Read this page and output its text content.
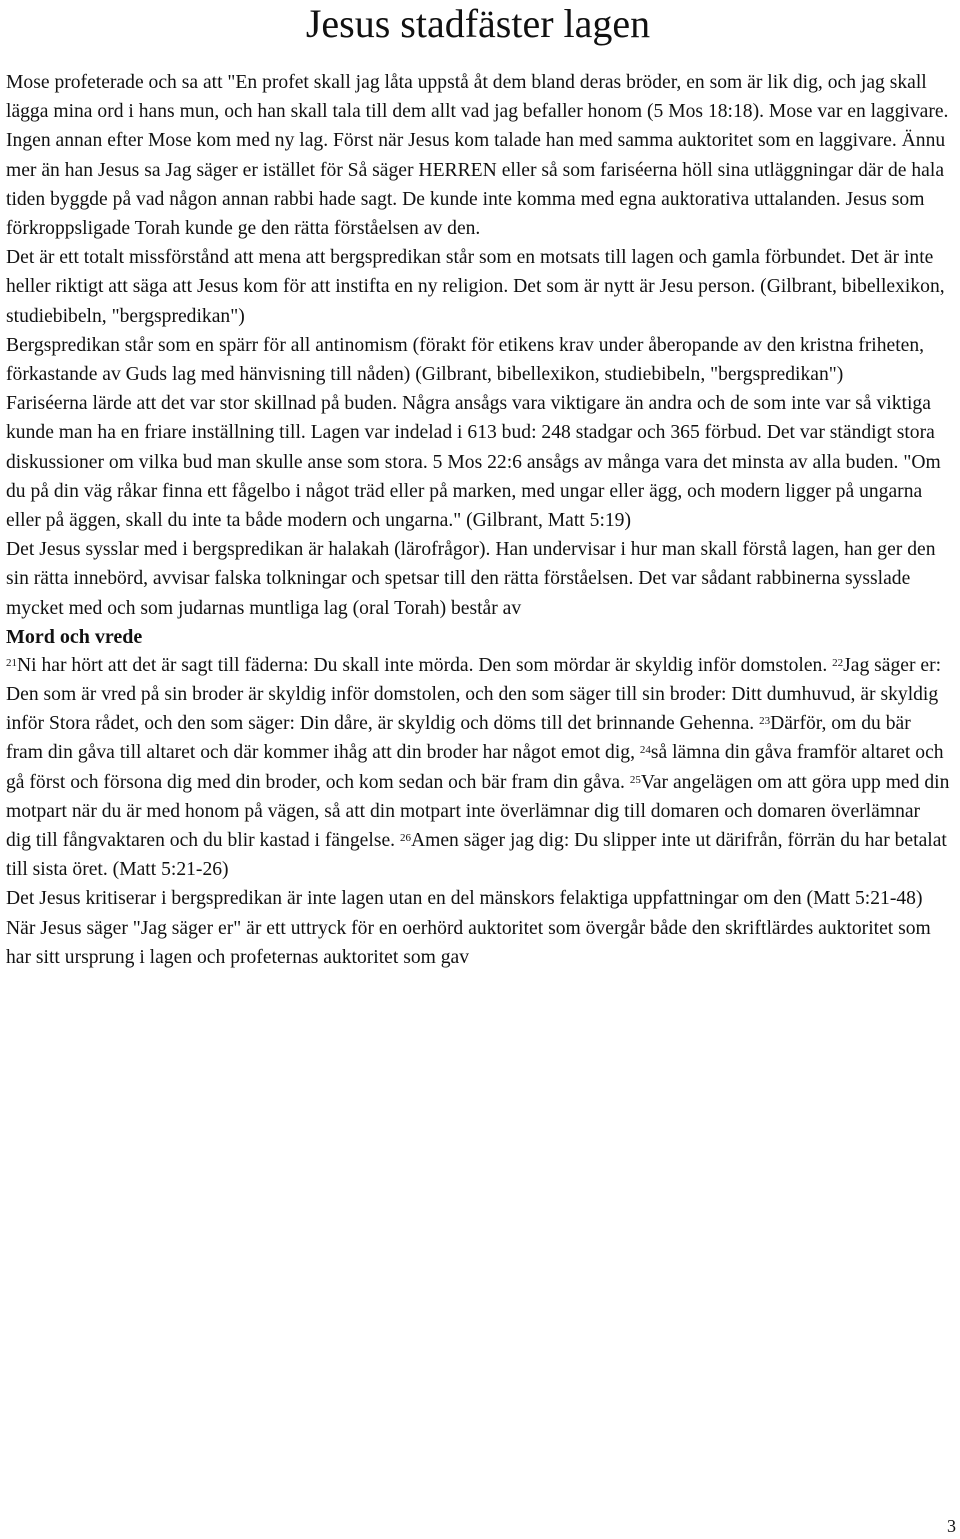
Jesus stadfäster lagen

Mose profeterade och sa att "En profet skall jag låta uppstå åt dem bland deras bröder, en som är lik dig, och jag skall lägga mina ord i hans mun, och han skall tala till dem allt vad jag befaller honom (5 Mos 18:18). Mose var en laggivare. Ingen annan efter Mose kom med ny lag. Först när Jesus kom talade han med samma auktoritet som en laggivare. Ännu mer än han Jesus sa Jag säger er istället för Så säger HERREN eller så som fariséerna höll sina utläggningar där de hala tiden byggde på vad någon annan rabbi hade sagt. De kunde inte komma med egna auktorativa uttalanden. Jesus som förkroppsligade Torah kunde ge den rätta förståelsen av den.

Det är ett totalt missförstånd att mena att bergspredikan står som en motsats till lagen och gamla förbundet. Det är inte heller riktigt att säga att Jesus kom för att instifta en ny religion. Det som är nytt är Jesu person. (Gilbrant, bibellexikon, studiebibeln, "bergspredikan")

Bergspredikan står som en spärr för all antinomism (förakt för etikens krav under åberopande av den kristna friheten, förkastande av Guds lag med hänvisning till nåden) (Gilbrant, bibellexikon, studiebibeln, "bergspredikan")

Fariséerna lärde att det var stor skillnad på buden. Några ansågs vara viktigare än andra och de som inte var så viktiga kunde man ha en friare inställning till. Lagen var indelad i 613 bud: 248 stadgar och 365 förbud. Det var ständigt stora diskussioner om vilka bud man skulle anse som stora. 5 Mos 22:6 ansågs av många vara det minsta av alla buden. "Om du på din väg råkar finna ett fågelbo i något träd eller på marken, med ungar eller ägg, och modern ligger på ungarna eller på äggen, skall du inte ta både modern och ungarna." (Gilbrant, Matt 5:19)

Det Jesus sysslar med i bergspredikan är halakah (lärofrågor). Han undervisar i hur man skall förstå lagen, han ger den sin rätta innebörd, avvisar falska tolkningar och spetsar till den rätta förståelsen. Det var sådant rabbinerna sysslade mycket med och som judarnas muntliga lag (oral Torah) består av

Mord och vrede

$^{21}$Ni har hört att det är sagt till fäderna: Du skall inte mörda. Den som mördar är skyldig inför domstolen. $^{22}$Jag säger er: Den som är vred på sin broder är skyldig inför domstolen, och den som säger till sin broder: Ditt dumhuvud, är skyldig inför Stora rådet, och den som säger: Din dåre, är skyldig och döms till det brinnande Gehenna. $^{23}$Därför, om du bär fram din gåva till altaret och där kommer ihåg att din broder har något emot dig, $^{24}$så lämna din gåva framför altaret och gå först och försona dig med din broder, och kom sedan och bär fram din gåva. $^{25}$Var angelägen om att göra upp med din motpart när du är med honom på vägen, så att din motpart inte överlämnar dig till domaren och domaren överlämnar dig till fångvaktaren och du blir kastad i fängelse. $^{26}$Amen säger jag dig: Du slipper inte ut därifrån, förrän du har betalat till sista öret. (Matt 5:21-26)

Det Jesus kritiserar i bergspredikan är inte lagen utan en del mänskors felaktiga uppfattningar om den (Matt 5:21-48)

När Jesus säger "Jag säger er" är ett uttryck för en oerhörd auktoritet som övergår både den skriftlärdes auktoritet som har sitt ursprung i lagen och profeternas auktoritet som gav

3
